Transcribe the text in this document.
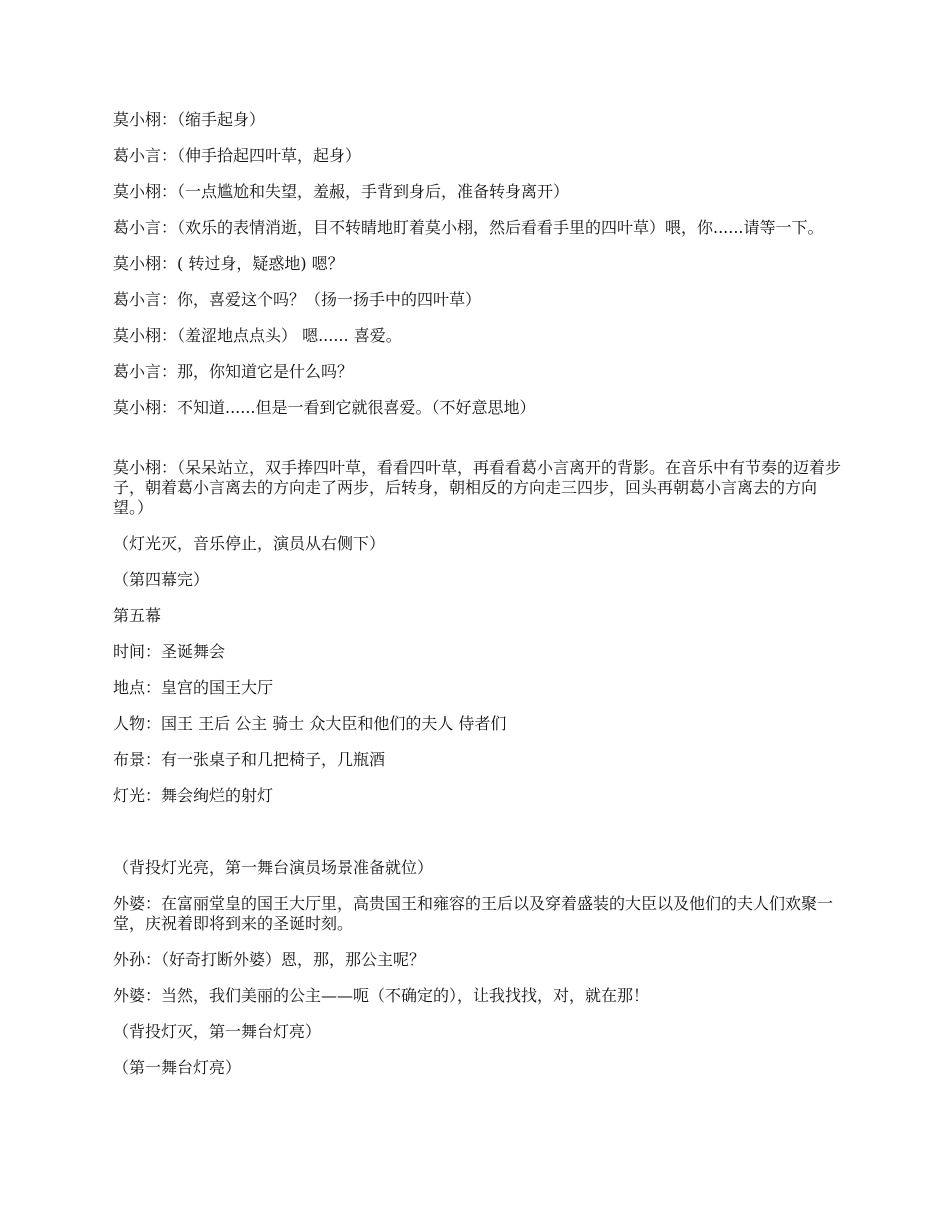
莫小栩：（缩手起身）

葛小言：（伸手拾起四叶草，起身）

莫小栩：（一点尴尬和失望，羞赧，手背到身后，准备转身离开）

葛小言：（欢乐的表情消逝，目不转睛地盯着莫小栩，然后看看手里的四叶草）喂，你......请等一下。

莫小栩：( 转过身，疑惑地) 嗯？

葛小言：你，喜爱这个吗？（扬一扬手中的四叶草）

莫小栩：（羞涩地点点头） 嗯...... 喜爱。

葛小言：那，你知道它是什么吗？

莫小栩：不知道......但是一看到它就很喜爱。（不好意思地）

莫小栩：（呆呆站立，双手捧四叶草，看看四叶草，再看看葛小言离开的背影。在音乐中有节奏的迈着步子，朝着葛小言离去的方向走了两步，后转身，朝相反的方向走三四步，回头再朝葛小言离去的方向望。）

（灯光灭，音乐停止，演员从右侧下）

（第四幕完）

第五幕

时间：圣诞舞会

地点：皇宫的国王大厅

人物：国王 王后 公主 骑士 众大臣和他们的夫人 侍者们

布景：有一张桌子和几把椅子，几瓶酒

灯光：舞会绚烂的射灯

（背投灯光亮，第一舞台演员场景准备就位）

外婆：在富丽堂皇的国王大厅里，高贵国王和雍容的王后以及穿着盛装的大臣以及他们的夫人们欢聚一堂，庆祝着即将到来的圣诞时刻。

外孙：（好奇打断外婆）恩，那，那公主呢？

外婆：当然，我们美丽的公主——呃（不确定的），让我找找，对，就在那！

（背投灯灭，第一舞台灯亮）

（第一舞台灯亮）
